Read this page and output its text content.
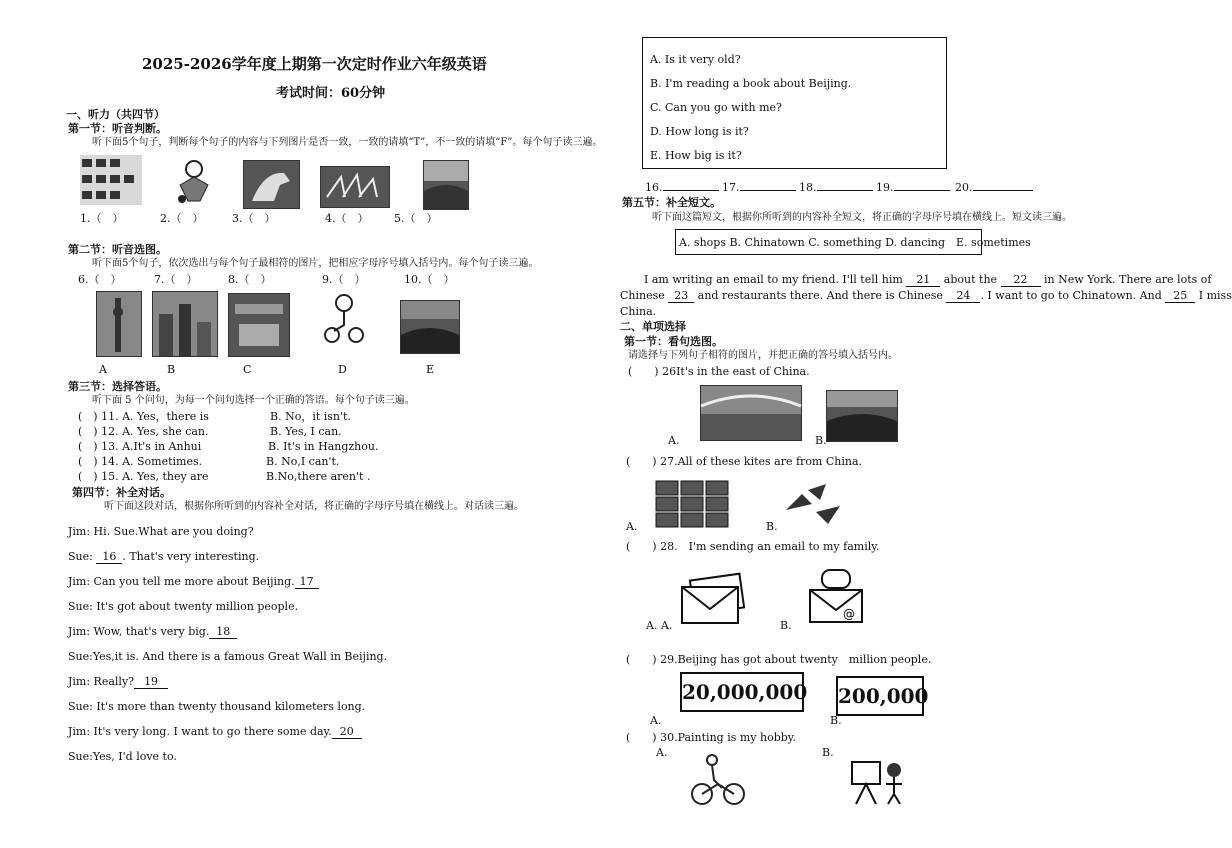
2025-2026学年度上期第一次定时作业六年级英语
考试时间：60分钟
一、听力（共四节）
第一节：听音判断。
听下面5个句子，判断每个句子的内容与下列图片是否一致，一致的请填“T”，不一致的请填“F”。每个句子读三遍。
1.（　）	2.（　）	3.（　）	4.（　） 5.（　）
第二节：听音选图。
听下面5个句子，依次选出与每个句子最相符的图片，把相应字母序号填入括号内。每个句子读三遍。
6.（　）	7.（　）	8.（　）	9.（　）	10.（　）
A	B	C	D	E
第三节：选择答语。
听下面 5 个问句，为每一个问句选择一个正确的答语。每个句子读三遍。
(　) 11. A. Yes，there is	B. No，it isn't.
(　) 12. A. Yes, she can.	B. Yes, I can.
(　) 13. A.It's in Anhui	B. It's in Hangzhou.
(　) 14. A. Sometimes.	B. No,I can't.
(　) 15. A. Yes, they are	B.No,there aren't .
第四节：补全对话。
听下面这段对话，根据你所听到的内容补全对话，将正确的字母序号填在横线上。对话读三遍。
Jim: Hi. Sue.What are you doing?
Sue: 16 . That's very interesting.
Jim: Can you tell me more about Beijing. 17
Sue: It's got about twenty million people.
Jim: Wow, that's very big. 18
Sue:Yes,it is. And there is a famous Great Wall in Beijing.
Jim: Really? 19
Sue: It's more than twenty thousand kilometers long.
Jim: It's very long. I want to go there some day. 20
Sue:Yes, I'd love to.
A. Is it very old?
B. I'm reading a book about Beijing.
C. Can you go with me?
D. How long is it?
E. How big is it?
16.	17.	18.	19.	20.
第五节：补全短文。
听下面这篇短文，根据你所听到的内容补全短文，将正确的字母序号填在横线上。短文读三遍。
A. shops B. Chinatown C. something D. dancing　E. sometimes
I am writing an email to my friend. I'll tell him 21 about the 22 in New York. There are lots of
Chinese 23 and restaurants there. And there is Chinese 24 . I want to go to Chinatown. And 25 I miss
China.
二、单项选择
第一节：看句选图。
请选择与下列句子相符的图片，并把正确的答号填入括号内。
(　　) 26It's in the east of China.
A.	B.
(　　) 27.All of these kites are from China.
A.	B.
(　　) 28.　I'm sending an email to my family.
@
A. A.	B.
(　　) 29.Beijing has got about twenty　million people.
20,000,000 200,000
A.	B.
(　　) 30.Painting is my hobby.
A.	B.
